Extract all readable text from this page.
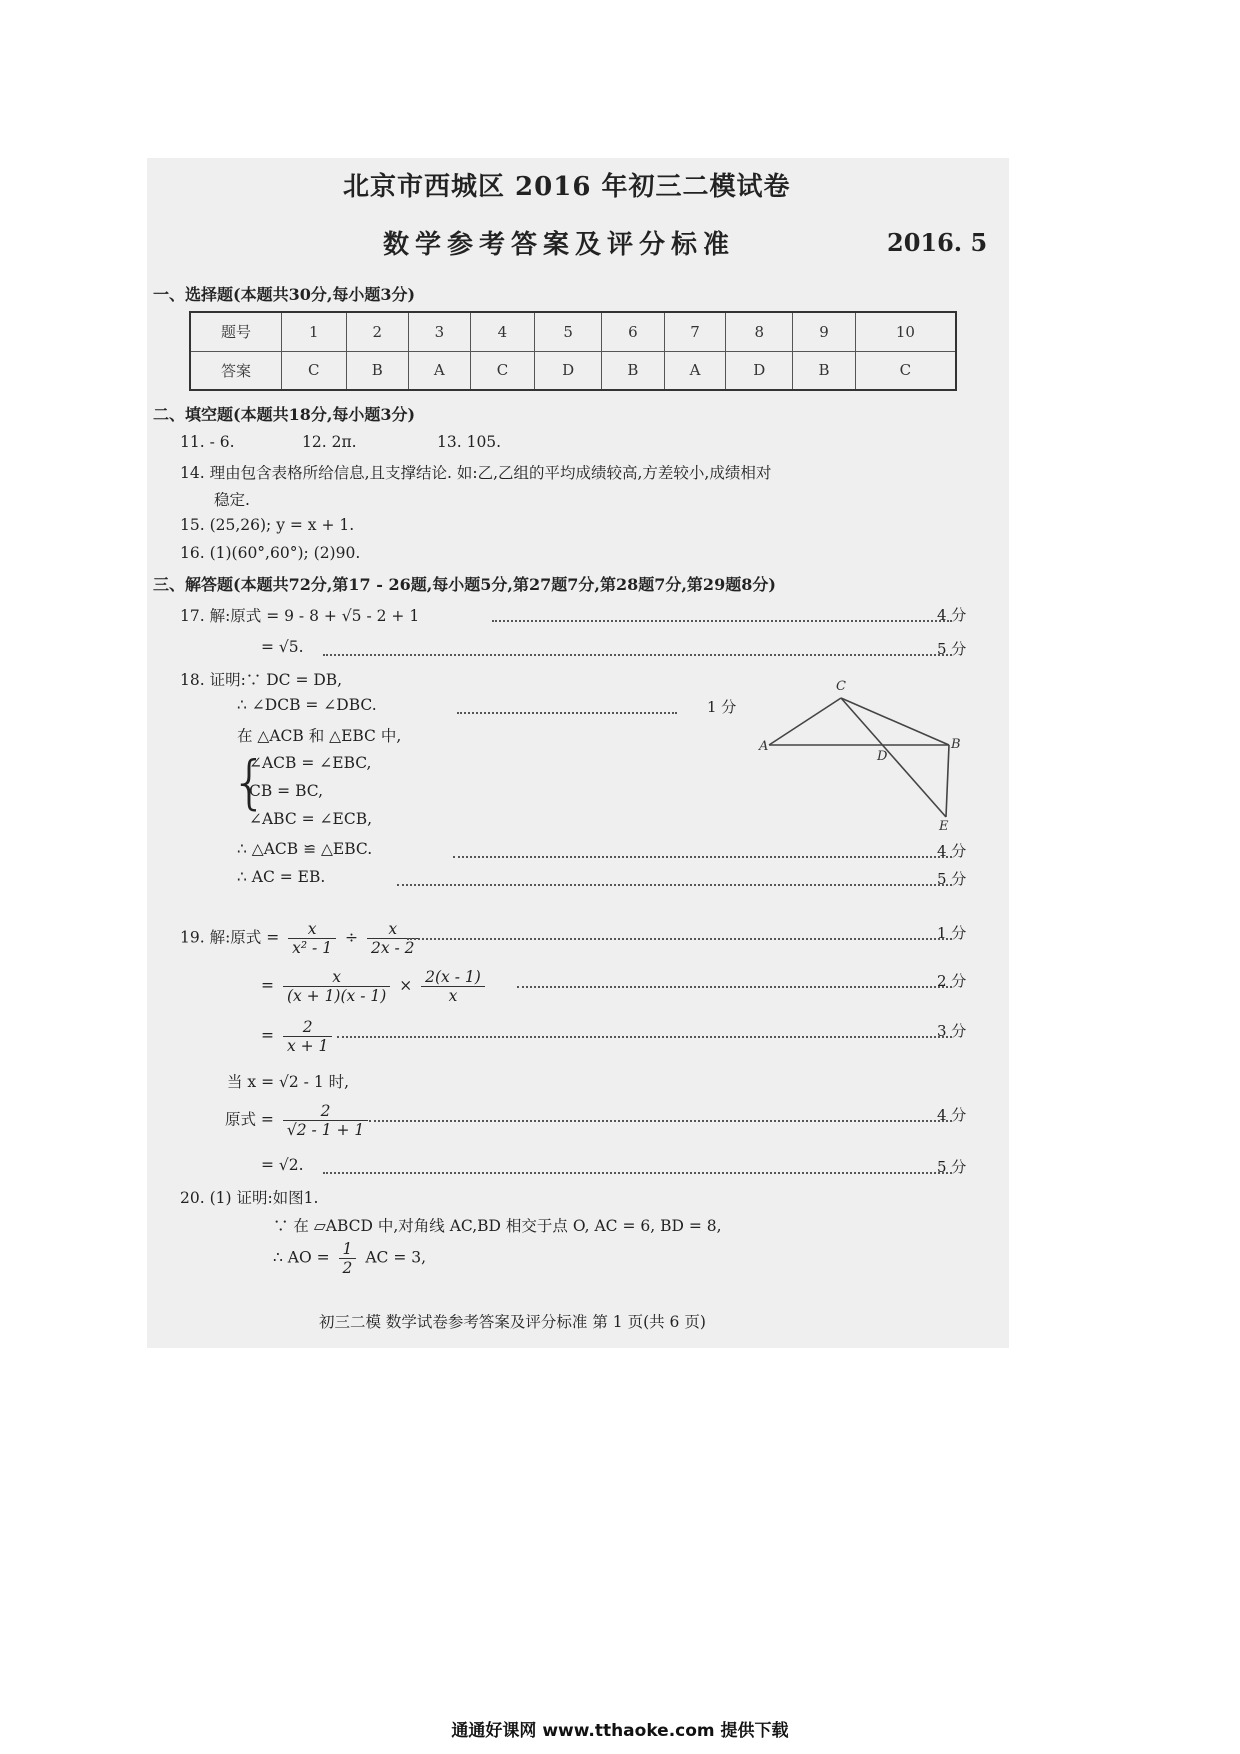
北京市西城区 2016 年初三二模试卷
数学参考答案及评分标准	2016. 5
一、选择题(本题共30分,每小题3分)
题号	1	2	3	4	5	6	7	8	9	10
答案	C	B	A	C	D	B	A	D	B	C
二、填空题(本题共18分,每小题3分)
11. - 6.	12. 2π.	13. 105.
14. 理由包含表格所给信息,且支撑结论. 如:乙,乙组的平均成绩较高,方差较小,成绩相对
稳定.
15. (25,26); y = x + 1.
16. (1)(60°,60°); (2)90.
三、解答题(本题共72分,第17 - 26题,每小题5分,第27题7分,第28题7分,第29题8分)
17. 解:原式 = 9 - 8 + √5 - 2 + 1	4 分
= √5.	5 分
18. 证明:∵ DC = DB,
∴ ∠DCB = ∠DBC.	1 分
在 △ACB 和 △EBC 中,
{
∠ACB = ∠EBC,
CB = BC,
∠ABC = ∠ECB,
∴ △ACB ≌ △EBC.	4 分
∴ AC = EB.	5 分
C
A
D
B
E
19. 解:原式 = $\frac{x}{\text{x² - 1}} \div \frac{x}{2x - 2}$	1 分
= $\frac{x}{(x + 1)(x - 1)} \times \frac{2(x - 1)}{x}$	2 分
= $\frac{2}{x + 1}$	3 分
当 x = √2 - 1 时,
原式 = $\frac{2}{√2 - 1 + 1}$	4 分
= √2.	5 分
20. (1) 证明:如图1.
∵ 在 ▱ABCD 中,对角线 AC,BD 相交于点 O, AC = 6, BD = 8,
∴ AO = $\frac{1}{2}$ AC = 3,
初三二模 数学试卷参考答案及评分标准 第 1 页(共 6 页)
通通好课网 www.tthaoke.com 提供下载
